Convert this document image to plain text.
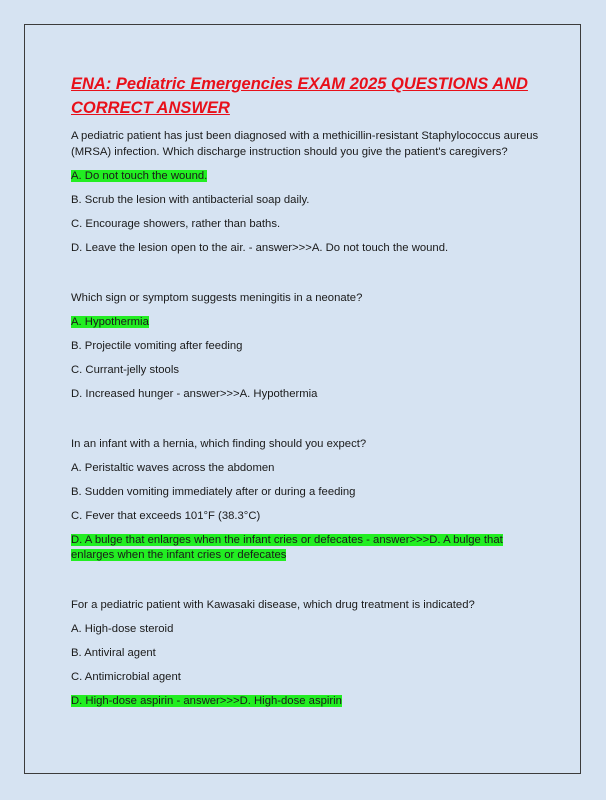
ENA: Pediatric Emergencies EXAM 2025 QUESTIONS AND CORRECT ANSWER

A pediatric patient has just been diagnosed with a methicillin-resistant Staphylococcus aureus (MRSA) infection. Which discharge instruction should you give the patient's caregivers?

A. Do not touch the wound.

B. Scrub the lesion with antibacterial soap daily.

C. Encourage showers, rather than baths.

D. Leave the lesion open to the air. - answer>>>A. Do not touch the wound.

Which sign or symptom suggests meningitis in a neonate?

A. Hypothermia

B. Projectile vomiting after feeding

C. Currant-jelly stools

D. Increased hunger - answer>>>A. Hypothermia

In an infant with a hernia, which finding should you expect?

A. Peristaltic waves across the abdomen

B. Sudden vomiting immediately after or during a feeding

C. Fever that exceeds 101°F (38.3°C)

D. A bulge that enlarges when the infant cries or defecates - answer>>>D. A bulge that enlarges when the infant cries or defecates

For a pediatric patient with Kawasaki disease, which drug treatment is indicated?

A. High-dose steroid

B. Antiviral agent

C. Antimicrobial agent

D. High-dose aspirin - answer>>>D. High-dose aspirin
